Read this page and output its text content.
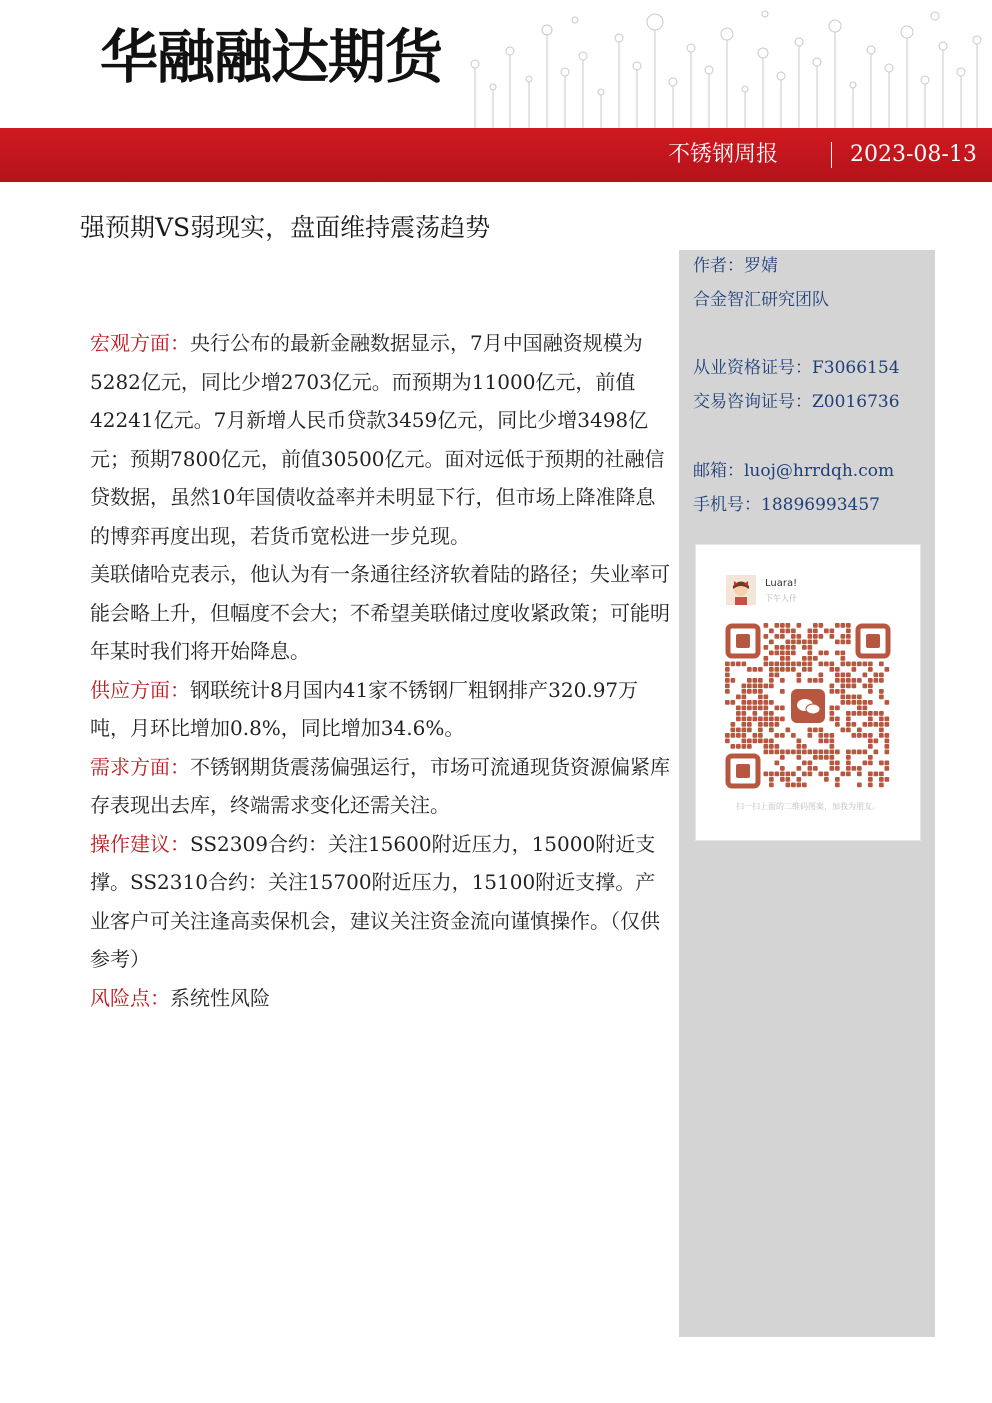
华融融达期货
不锈钢周报	2023-08-13
强预期VS弱现实，盘面维持震荡趋势
作者：罗婧
合金智汇研究团队
从业资格证号：F3066154
交易咨询证号：Z0016736
邮箱：luoj@hrrdqh.com
手机号：18896993457
Luara!
下午人什
扫一扫上面的二维码图案，加我为朋友。

宏观方面：央行公布的最新金融数据显示，7月中国融资规模为5282亿元，同比少增2703亿元。而预期为11000亿元，前值42241亿元。7月新增人民币贷款3459亿元，同比少增3498亿元；预期7800亿元，前值30500亿元。面对远低于预期的社融信贷数据，虽然10年国债收益率并未明显下行，但市场上降准降息的博弈再度出现，若货币宽松进一步兑现。

美联储哈克表示，他认为有一条通往经济软着陆的路径；失业率可能会略上升，但幅度不会大；不希望美联储过度收紧政策；可能明年某时我们将开始降息。

供应方面：钢联统计8月国内41家不锈钢厂粗钢排产320.97万吨，月环比增加0.8%，同比增加34.6%。

需求方面：不锈钢期货震荡偏强运行，市场可流通现货资源偏紧库存表现出去库，终端需求变化还需关注。

操作建议：SS2309合约：关注15600附近压力，15000附近支撑。SS2310合约：关注15700附近压力，15100附近支撑。产业客户可关注逢高卖保机会，建议关注资金流向谨慎操作。（仅供参考）

风险点：系统性风险
